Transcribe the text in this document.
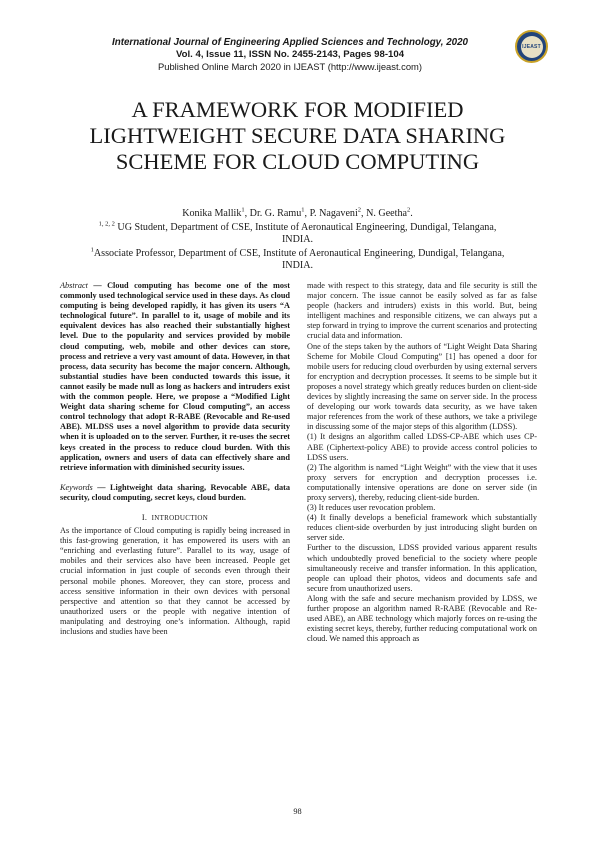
International Journal of Engineering Applied Sciences and Technology, 2020
Vol. 4, Issue 11, ISSN No. 2455-2143, Pages 98-104
Published Online March 2020 in IJEAST (http://www.ijeast.com)
IJEAST
A FRAMEWORK FOR MODIFIED
LIGHTWEIGHT SECURE DATA SHARING
SCHEME FOR CLOUD COMPUTING
Konika Mallik$^1$, Dr. G. Ramu$^1$, P. Nagaveni$^2$, N. Geetha$^2$.
$^{1, 2, 2}$ UG Student, Department of CSE, Institute of Aeronautical Engineering, Dundigal, Telangana,
INDIA.
$^1$Associate Professor, Department of CSE, Institute of Aeronautical Engineering, Dundigal, Telangana,
INDIA.

Abstract — Cloud computing has become one of the most commonly used technological service used in these days. As cloud computing is being developed rapidly, it has given its users “A technological future”. In parallel to it, usage of mobile and its equivalent devices has also reached their substantially highest level. Due to the popularity and services provided by mobile cloud computing, web, mobile and other devices can store, process and retrieve a very vast amount of data. However, in that process, data security has become the major concern. Although, substantial studies have been conducted towards this issue, it cannot easily be made null as long as hackers and intruders exist with the common people. Here, we propose a “Modified Light Weight data sharing scheme for Cloud computing”, an access control technology that adopt R-RABE (Revocable and Re-used ABE). MLDSS uses a novel algorithm to provide data security when it is uploaded on to the server. Further, it re-uses the secret keys created in the process to reduce cloud burden. With this application, owners and users of data can effectively share and retrieve information with diminished security issues.

Keywords — Lightweight data sharing, Revocable ABE, data security, cloud computing, secret keys, cloud burden.

I. INTRODUCTION

As the importance of Cloud computing is rapidly being increased in this fast-growing generation, it has empowered its users with an “enriching and everlasting future”. Parallel to its way, usage of mobiles and their services also have been increased. People get crucial information in just couple of seconds even through their personal mobile phones. Moreover, they can store, process and access sensitive information in their own devices with personal perspective and attention so that they cannot be accessed by unauthorized users or the people with negative intention of manipulating and destroying one’s information. Although, rapid inclusions and studies have been

made with respect to this strategy, data and file security is still the major concern. The issue cannot be easily solved as far as false people (hackers and intruders) exists in this world. But, being intelligent machines and responsible citizens, we can always put a step forward in trying to improve the current scenarios and protecting crucial data and information.

One of the steps taken by the authors of “Light Weight Data Sharing Scheme for Mobile Cloud Computing” [1] has opened a door for mobile users for reducing cloud overburden by using external servers for encryption and decryption processes. It seems to be simple but it proposes a novel strategy which greatly reduces burden on client-side devices by slightly increasing the same on server side. In the process of developing our work towards data security, as we have taken major references from the work of these authors, we take a privilege in discussing some of the major steps of this algorithm (LDSS).

(1) It designs an algorithm called LDSS-CP-ABE which uses CP-ABE (Ciphertext-policy ABE) to provide access control policies to LDSS users.

(2) The algorithm is named “Light Weight” with the view that it uses proxy servers for encryption and decryption processes i.e. computationally intensive operations are done on server side (in proxy servers), thereby, reducing client-side burden.

(3) It reduces user revocation problem.

(4) It finally develops a beneficial framework which substantially reduces client-side overburden by just introducing slight burden on server side.

Further to the discussion, LDSS provided various apparent results which undoubtedly proved beneficial to the society where people simultaneously receive and transfer information. In this application, people can upload their photos, videos and documents safe and secure from unauthorized users.

Along with the safe and secure mechanism provided by LDSS, we further propose an algorithm named R-RABE (Revocable and Re-used ABE), an ABE technology which majorly forces on re-using the existing secret keys, thereby, further reducing computational work on cloud. We named this approach as

98
